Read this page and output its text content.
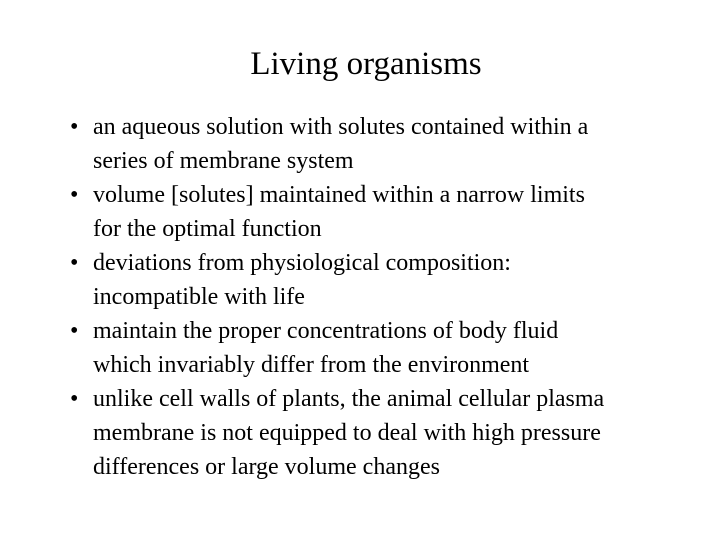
Living organisms
• an aqueous solution with solutes contained within a
series of membrane system
• volume [solutes] maintained within a narrow limits
for the optimal function
• deviations from physiological composition:
incompatible with life
• maintain the proper concentrations of body fluid
which invariably differ from the environment
• unlike cell walls of plants, the animal cellular plasma
membrane is not equipped to deal with high pressure
differences or large volume changes
